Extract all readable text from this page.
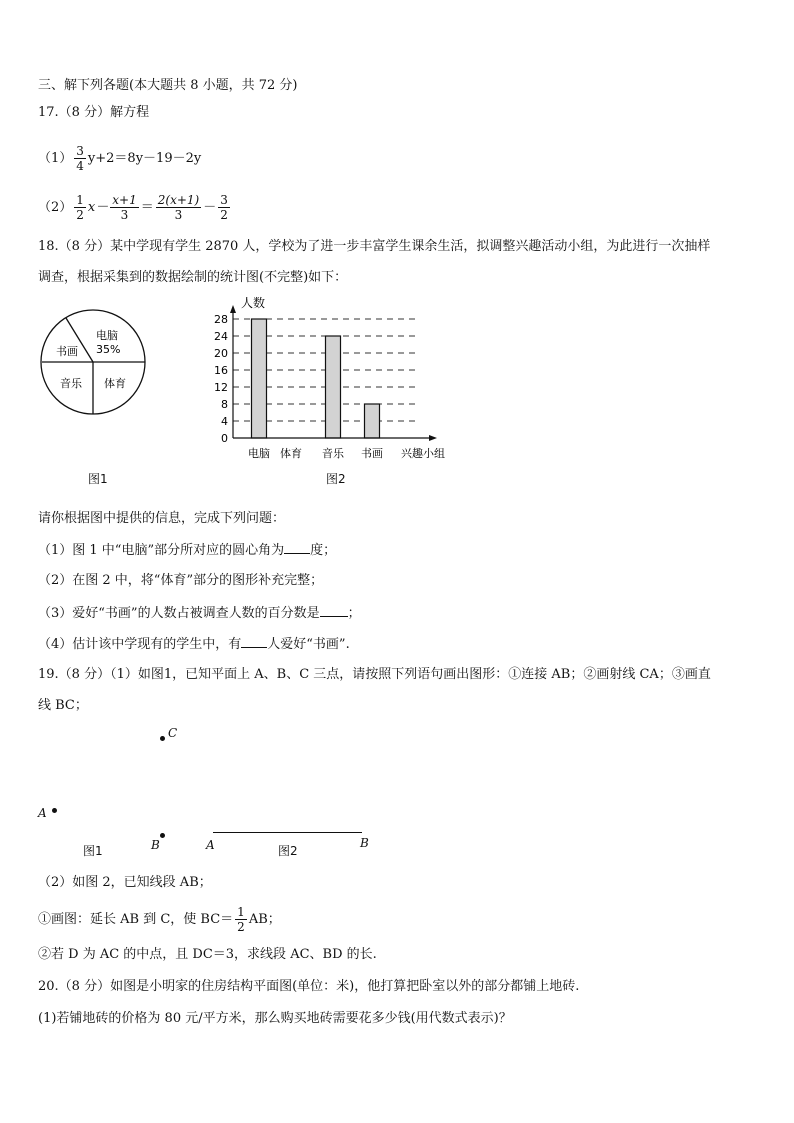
三、解下列各题(本大题共 8 小题，共 72 分)
17.（8 分）解方程
$(1) \frac{3}{4} y+2=8y-19-2y$
$(2) \frac{1}{2} x- \frac{x+1}{3} = \frac{2(x+1)}{3} - \frac{3}{2}$
18.（8 分）某中学现有学生 2870 人，学校为了进一步丰富学生课余生活，拟调整兴趣活动小组，为此进行一次抽样
调查，根据采集到的数据绘制的统计图(不完整)如下：
电脑
35%
书画
音乐 体育
图1
0
4
8
12
16
20
24
28
电脑 体育 音乐 书画
人数
兴趣小组
图2
请你根据图中提供的信息，完成下列问题：
（1）图 1 中“电脑”部分所对应的圆心角为 度；
（2）在图 2 中，将“体育”部分的图形补充完整；
（3）爱好“书画”的人数占被调查人数的百分数是 ；
（4）估计该中学现有的学生中，有 人爱好“书画”.
19.（8 分）（1）如图1，已知平面上 A、B、C 三点，请按照下列语句画出图形：①连接 AB；②画射线 CA；③画直
线 BC；
C
A
B
图1	A	B
图2
（2）如图 2，已知线段 AB；
①画图：延长 AB 到 C，使 $BC= \frac{1}{2}$ AB；
②若 D 为 AC 的中点，且 DC＝3，求线段 AC、BD 的长.
20.（8 分）如图是小明家的住房结构平面图(单位：米)，他打算把卧室以外的部分都铺上地砖.
(1)若铺地砖的价格为 80 元/平方米，那么购买地砖需要花多少钱(用代数式表示)？
